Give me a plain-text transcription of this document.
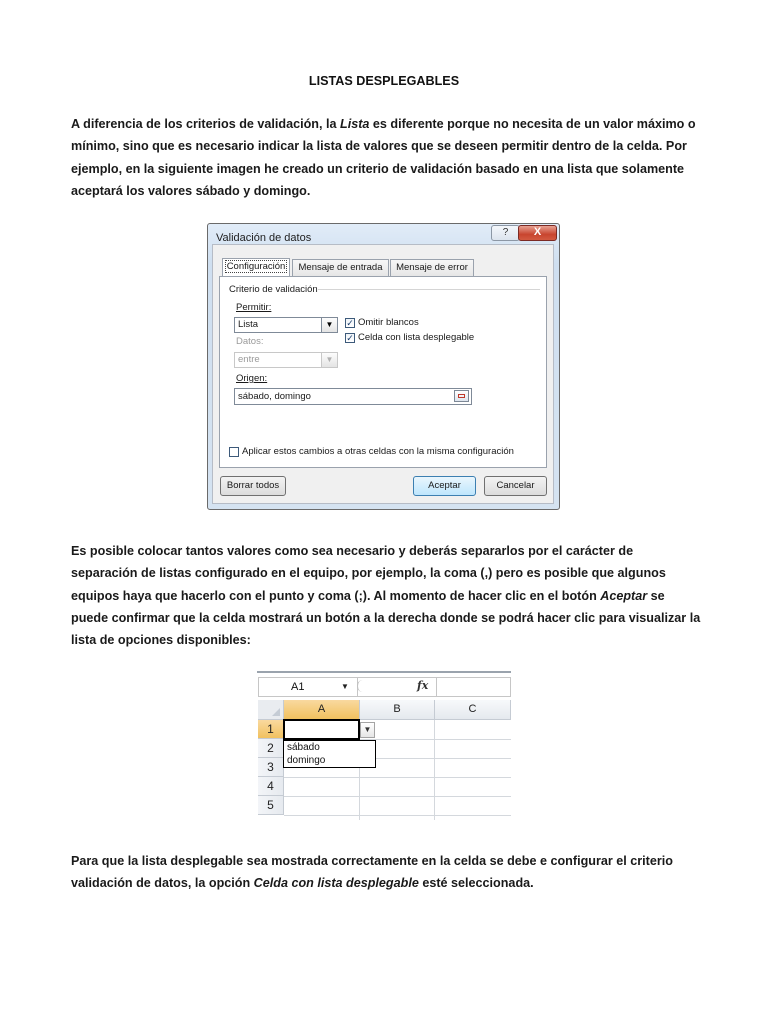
LISTAS DESPLEGABLES
A diferencia de los criterios de validación, la Lista es diferente porque no necesita de un valor máximo o mínimo, sino que es necesario indicar la lista de valores que se deseen permitir dentro de la celda. Por ejemplo, en la siguiente imagen he creado un criterio de validación basado en una lista que solamente aceptará los valores sábado y domingo.
Validación de datos	?	X
Configuración	Mensaje de entrada	Mensaje de error
Criterio de validación
Permitir:
Lista	▼	✓ Omitir blancos
✓ Celda con lista desplegable
Datos:
entre	▼
Origen:
sábado, domingo
Aplicar estos cambios a otras celdas con la misma configuración
Borrar todos	Aceptar	Cancelar
Es posible colocar tantos valores como sea necesario y deberás separarlos por el carácter de separación de listas configurado en el equipo, por ejemplo, la coma (,) pero es posible que algunos equipos haya que hacerlo con el punto y coma (;). Al momento de hacer clic en el botón Aceptar se puede confirmar que la celda mostrará un botón a la derecha donde se podrá hacer clic para visualizar la lista de opciones disponibles:
A1	▼	fx
A	B	C
1
2
3
4
5
▼
sábado
domingo
Para que la lista desplegable sea mostrada correctamente en la celda se debe e configurar el criterio validación de datos, la opción Celda con lista desplegable esté seleccionada.
